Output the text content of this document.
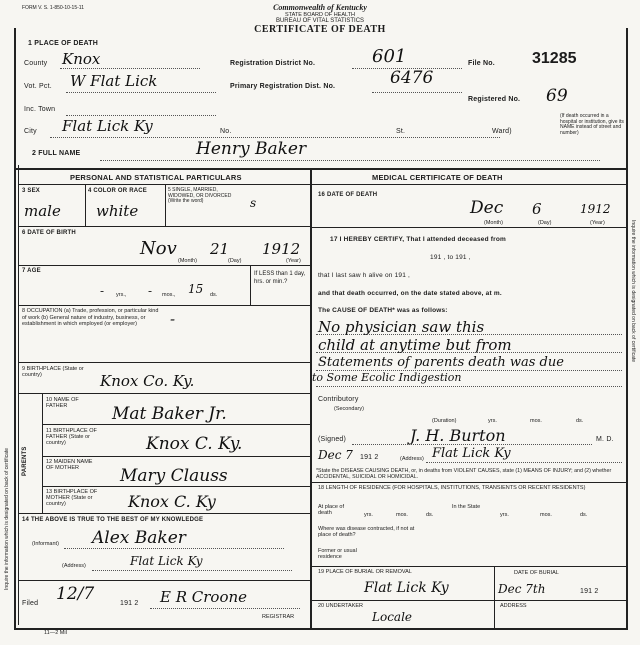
FORM V. S. 1-850-10-15-11	Commonwealth of Kentucky
STATE BOARD OF HEALTH
BUREAU OF VITAL STATISTICS
CERTIFICATE OF DEATH
1 PLACE OF DEATH
County Knox
Vot. Pct. W Flat Lick
Inc. Town
City Flat Lick Ky	No.	St.	Ward)
Registration District No.	601
Primary Registration Dist. No.	6476
File No. 31285
Registered No. 69
(If death occurred in a hospital or institution, give its NAME instead of street and number)
2 FULL NAME	Henry Baker
PERSONAL AND STATISTICAL PARTICULARS	MEDICAL CERTIFICATE OF DEATH
3 SEX
male
4 COLOR OR RACE
white
5 SINGLE, MARRIED, WIDOWED, OR DIVORCED (Write the word)	s
6 DATE OF BIRTH
Nov 21 1912
(Month)	(Day)	(Year)
7 AGE
- yrs., - mos., 15 ds.
If LESS than 1 day, hrs. or min.?
8 OCCUPATION (a) Trade, profession, or particular kind of work (b) General nature of industry, business, or establishment in which employed (or employer)	-
9 BIRTHPLACE (State or country)	Knox Co. Ky.
PARENTS
10 NAME OF FATHER	Mat Baker Jr.
11 BIRTHPLACE OF FATHER (State or country)	Knox C. Ky.
12 MAIDEN NAME OF MOTHER	Mary Clauss
13 BIRTHPLACE OF MOTHER (State or country)	Knox C. Ky
14 THE ABOVE IS TRUE TO THE BEST OF MY KNOWLEDGE
(Informant) Alex Baker
(Address)	Flat Lick Ky
Filed 12/7	191 2 E R Croone
REGISTRAR
16 DATE OF DEATH
Dec 6	1912
(Month)	(Day)	(Year)
17 I HEREBY CERTIFY, That I attended deceased from
191 , to 191 ,
that I last saw h alive on 191 ,
and that death occurred, on the date stated above, at m.
The CAUSE OF DEATH* was as follows:
No physician saw this
child at anytime but from
Statements of parents death was due
to Some Ecolic Indigestion
Contributory
(Secondary)
(Duration)	yrs.	mos.	ds.
(Signed)	J. H. Burton	M. D.
Dec 7 191 2	(Address) Flat Lick Ky
*State the DISEASE CAUSING DEATH, or, in deaths from VIOLENT CAUSES, state (1) MEANS OF INJURY; and (2) whether ACCIDENTAL, SUICIDAL OR HOMICIDAL.
18 LENGTH OF RESIDENCE (FOR HOSPITALS, INSTITUTIONS, TRANSIENTS OR RECENT RESIDENTS)
At place of death	yrs.	mos.	ds.
In the State
yrs.	mos.	ds.
Where was disease contracted, if not at place of death?
Former or usual residence
19 PLACE OF BURIAL OR REMOVAL
Flat Lick Ky
DATE OF BURIAL
Dec 7th	191 2
20 UNDERTAKER
Locale
ADDRESS
Inquire the information which is designated on back of certificate
Inquire the information which is designated on back of certificate
11—2 Mil
